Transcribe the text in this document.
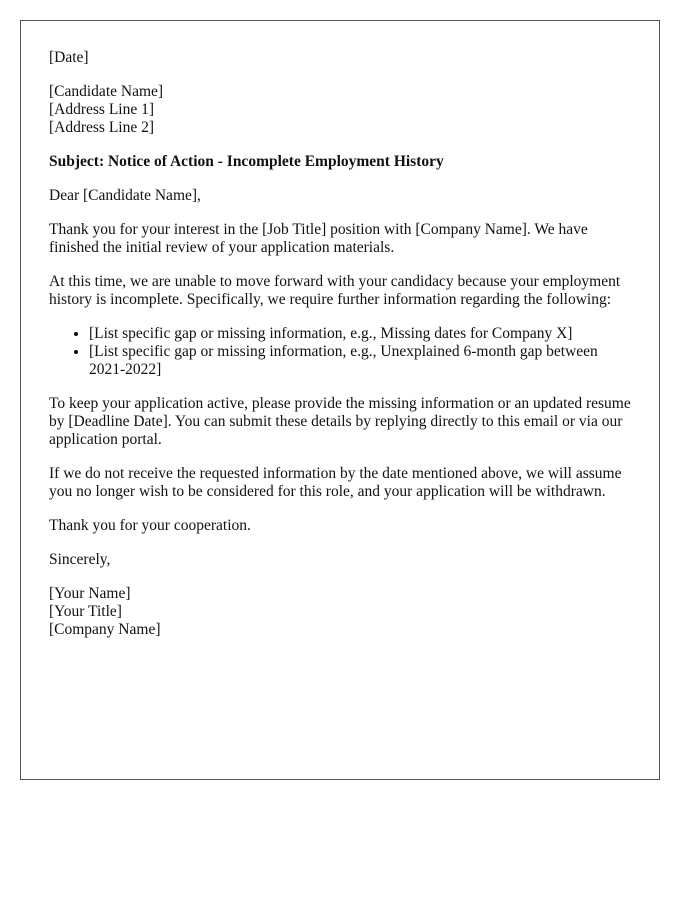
[Date]
[Candidate Name]
[Address Line 1]
[Address Line 2]
Subject: Notice of Action - Incomplete Employment History

Dear [Candidate Name],

Thank you for your interest in the [Job Title] position with [Company Name]. We have finished the initial review of your application materials.

At this time, we are unable to move forward with your candidacy because your employment history is incomplete. Specifically, we require further information regarding the following:

• [List specific gap or missing information, e.g., Missing dates for Company X]
• [List specific gap or missing information, e.g., Unexplained 6-month gap between 2021-2022]

To keep your application active, please provide the missing information or an updated resume by [Deadline Date]. You can submit these details by replying directly to this email or via our application portal.

If we do not receive the requested information by the date mentioned above, we will assume you no longer wish to be considered for this role, and your application will be withdrawn.

Thank you for your cooperation.

Sincerely,

[Your Name]
[Your Title]
[Company Name]
